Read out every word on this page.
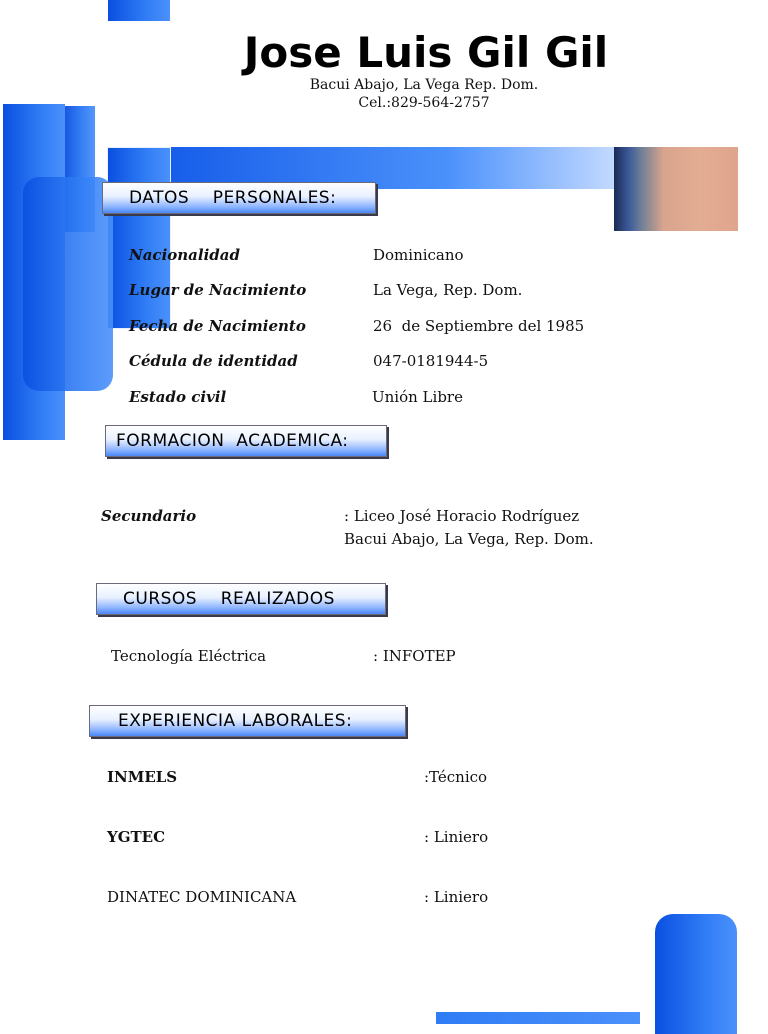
Jose Luis Gil Gil
Bacui Abajo, La Vega Rep. Dom.
Cel.:829-564-2757
DATOS    PERSONALES:
Nacionalidad	Dominicano
Lugar de Nacimiento	La Vega, Rep. Dom.
Fecha de Nacimiento	26  de Septiembre del 1985
Cédula de identidad	047-0181944-5
Estado civil	Unión Libre
FORMACION  ACADEMICA:
Secundario	: Liceo José Horacio Rodríguez
Bacui Abajo, La Vega, Rep. Dom.
CURSOS    REALIZADOS
Tecnología Eléctrica	: INFOTEP
EXPERIENCIA LABORALES:
INMELS	:Técnico
YGTEC	: Liniero
DINATEC DOMINICANA	: Liniero
